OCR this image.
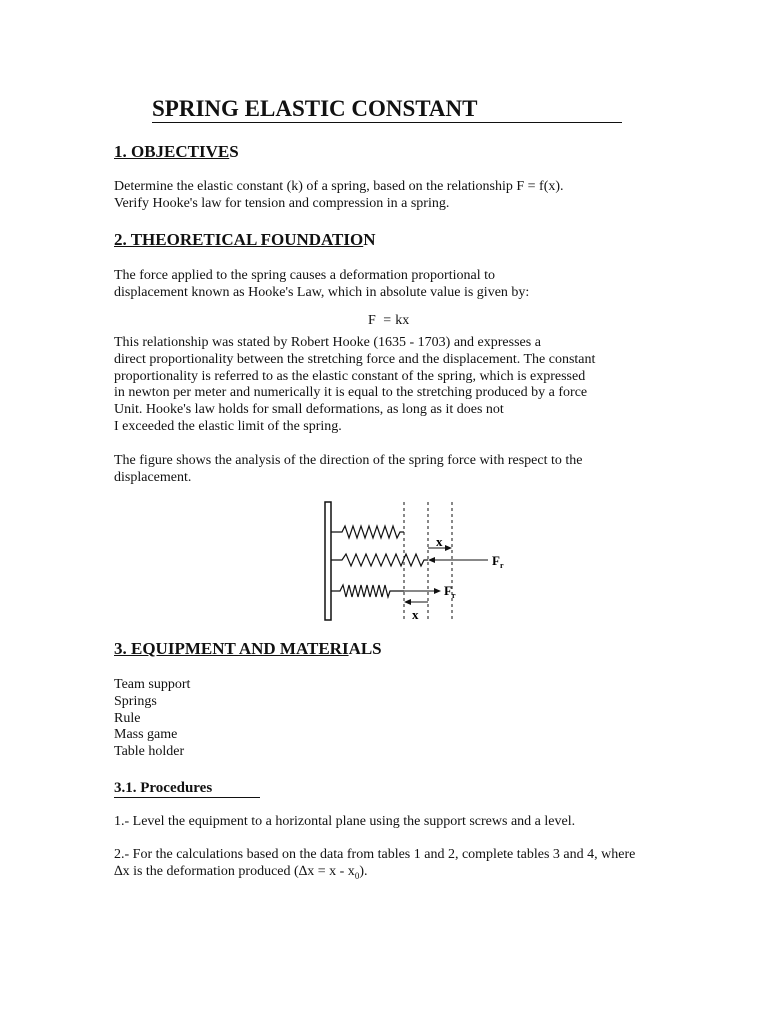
SPRING ELASTIC CONSTANT
1. OBJECTIVES

Determine the elastic constant (k) of a spring, based on the relationship F = f(x).
Verify Hooke's law for tension and compression in a spring.

2. THEORETICAL FOUNDATION

The force applied to the spring causes a deformation proportional to
displacement known as Hooke's Law, which in absolute value is given by:

F = kx

This relationship was stated by Robert Hooke (1635 - 1703) and expresses a
direct proportionality between the stretching force and the displacement. The constant
proportionality is referred to as the elastic constant of the spring, which is expressed
in newton per meter and numerically it is equal to the stretching produced by a force
Unit. Hooke's law holds for small deformations, as long as it does not
I exceeded the elastic limit of the spring.

The figure shows the analysis of the direction of the spring force with respect to the
displacement.

x
x
$F_r$
$F_r$
3. EQUIPMENT AND MATERIALS
Team support
Springs
Rule
Mass game
Table holder
3.1. Procedures

1.- Level the equipment to a horizontal plane using the support screws and a level.

2.- For the calculations based on the data from tables 1 and 2, complete tables 3 and 4, where
∆x is the deformation produced $(\Delta x = x - x_0)$.
